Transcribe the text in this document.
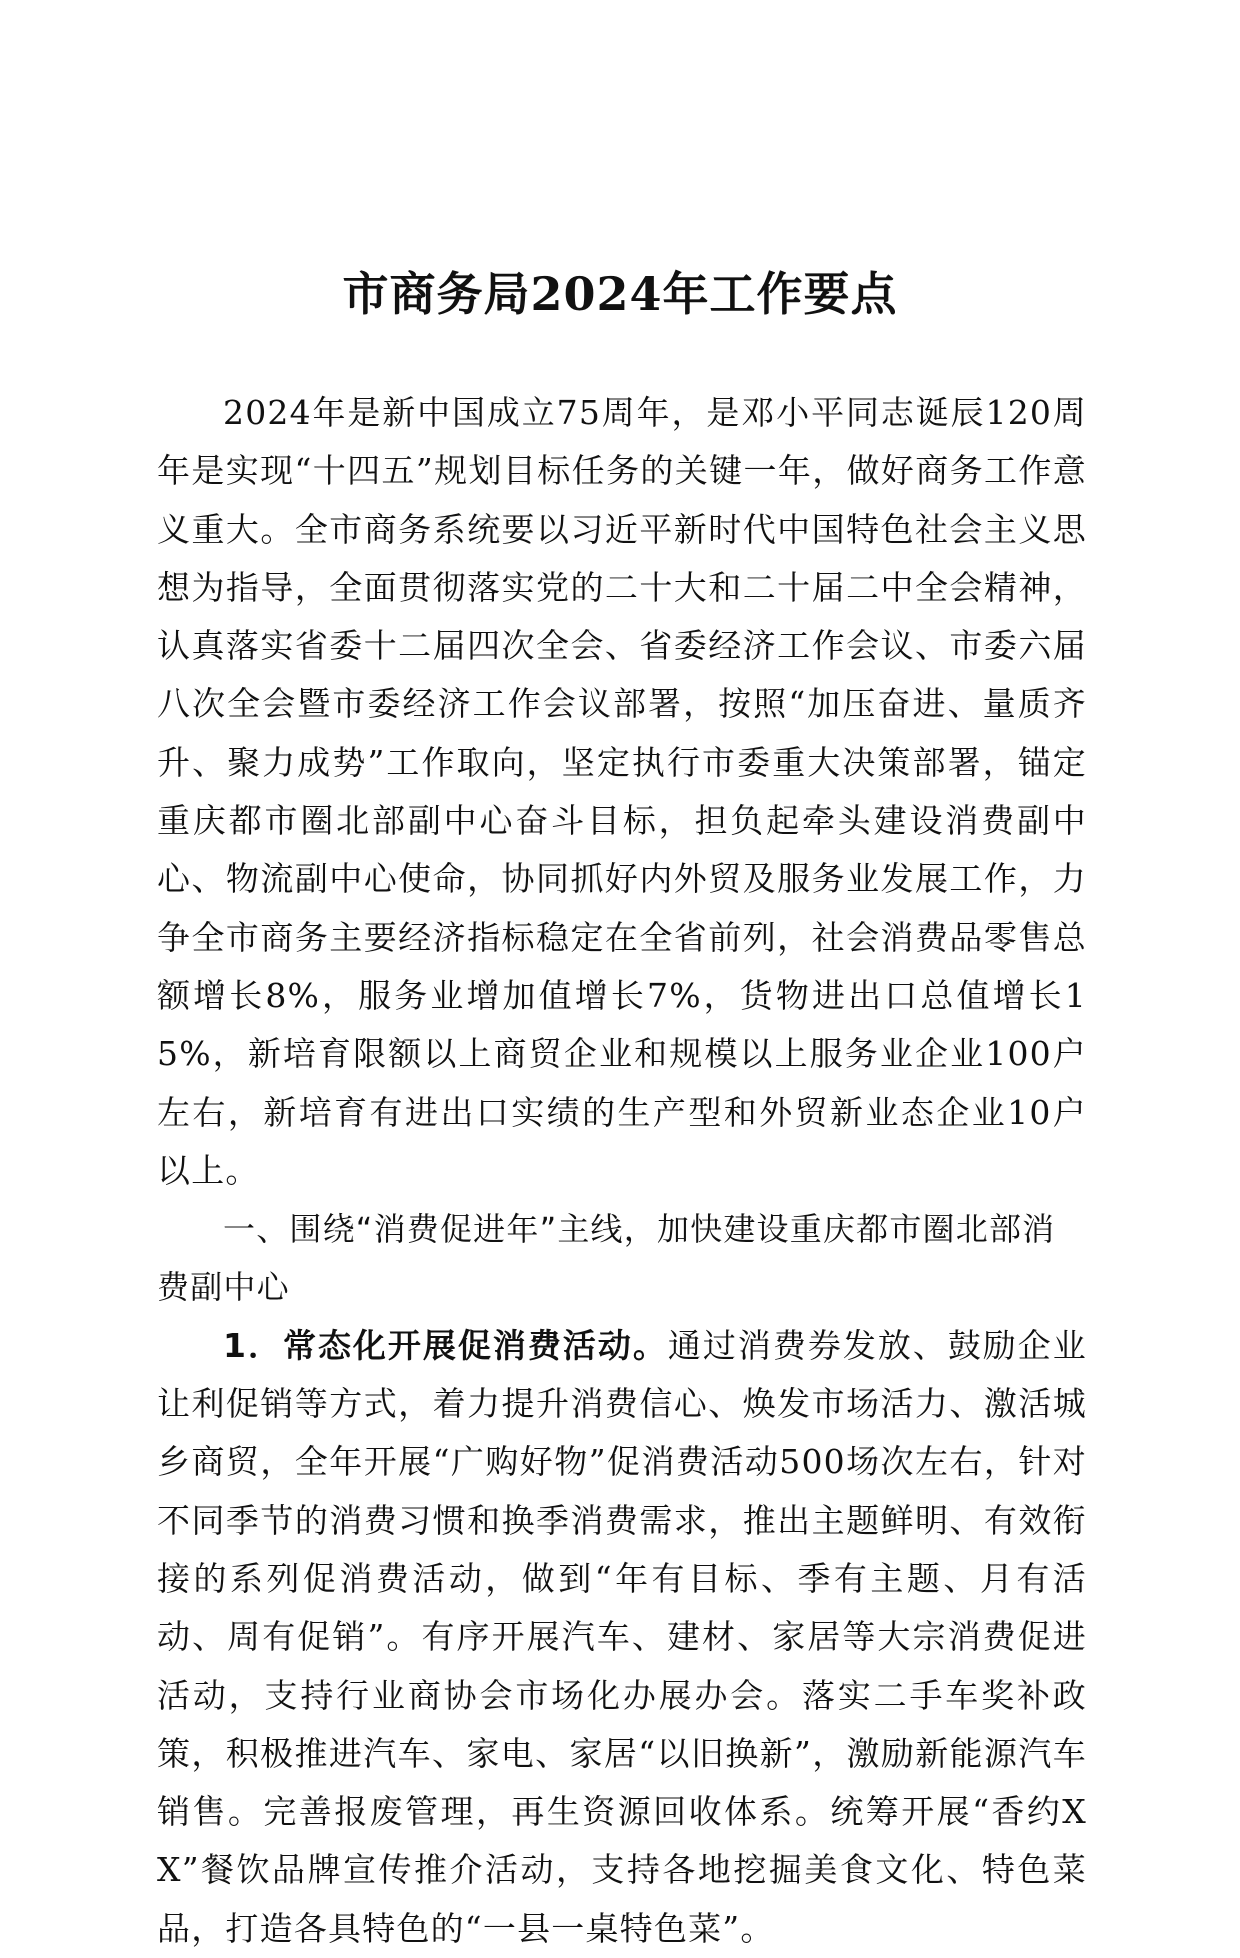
市商务局2024年工作要点

2024年是新中国成立75周年，是邓小平同志诞辰120周年是实现“十四五”规划目标任务的关键一年，做好商务工作意义重大。全市商务系统要以习近平新时代中国特色社会主义思想为指导，全面贯彻落实党的二十大和二十届二中全会精神，认真落实省委十二届四次全会、省委经济工作会议、市委六届八次全会暨市委经济工作会议部署，按照“加压奋进、量质齐升、聚力成势”工作取向，坚定执行市委重大决策部署，锚定重庆都市圈北部副中心奋斗目标，担负起牵头建设消费副中心、物流副中心使命，协同抓好内外贸及服务业发展工作，力争全市商务主要经济指标稳定在全省前列，社会消费品零售总额增长8%，服务业增加值增长7%，货物进出口总值增长15%，新培育限额以上商贸企业和规模以上服务业企业100户左右，新培育有进出口实绩的生产型和外贸新业态企业10户以上。

一、围绕“消费促进年”主线，加快建设重庆都市圈北部消费副中心

1．常态化开展促消费活动。通过消费券发放、鼓励企业让利促销等方式，着力提升消费信心、焕发市场活力、激活城乡商贸，全年开展“广购好物”促消费活动500场次左右，针对不同季节的消费习惯和换季消费需求，推出主题鲜明、有效衔接的系列促消费活动，做到“年有目标、季有主题、月有活动、周有促销”。有序开展汽车、建材、家居等大宗消费促进活动，支持行业商协会市场化办展办会。落实二手车奖补政策，积极推进汽车、家电、家居“以旧换新”，激励新能源汽车销售。完善报废管理，再生资源回收体系。统筹开展“香约XX”餐饮品牌宣传推介活动，支持各地挖掘美食文化、特色菜品，打造各具特色的“一县一桌特色菜”。
